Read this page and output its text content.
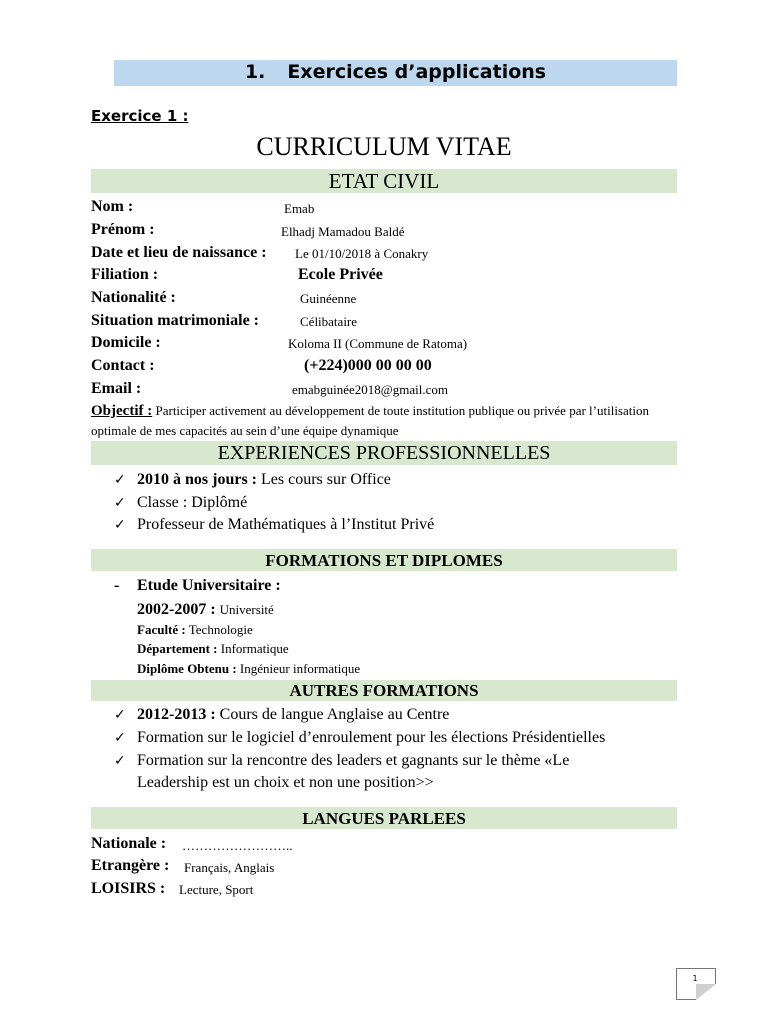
1. Exercices d’applications
Exercice 1 :
CURRICULUM VITAE
ETAT CIVIL
Nom :	Emab
Prénom :	Elhadj Mamadou Baldé
Date et lieu de naissance : Le 01/10/2018 à Conakry
Filiation :	Ecole Privée
Nationalité :	Guinéenne
Situation matrimoniale :	Célibataire
Domicile :	Koloma II (Commune de Ratoma)
Contact :	(+224)000 00 00 00
Email :	emabguinée2018@gmail.com
Objectif : Participer activement au développement de toute institution publique ou privée par l’utilisation optimale de mes capacités au sein d’une équipe dynamique
EXPERIENCES PROFESSIONNELLES
✓ 2010 à nos jours : Les cours sur Office
✓ Classe : Diplômé
✓ Professeur de Mathématiques à l’Institut Privé
FORMATIONS ET DIPLOMES
- Etude Universitaire :
2002-2007 : Université
Faculté : Technologie
Département : Informatique
Diplôme Obtenu : Ingénieur informatique
AUTRES FORMATIONS
✓ 2012-2013 : Cours de langue Anglaise au Centre
✓ Formation sur le logiciel d’enroulement pour les élections Présidentielles
✓ Formation sur la rencontre des leaders et gagnants sur le thème «Le
Leadership est un choix et non une position>>
LANGUES PARLEES
Nationale : ……………………..
Etrangère : Français, Anglais
LOISIRS : Lecture, Sport
1
